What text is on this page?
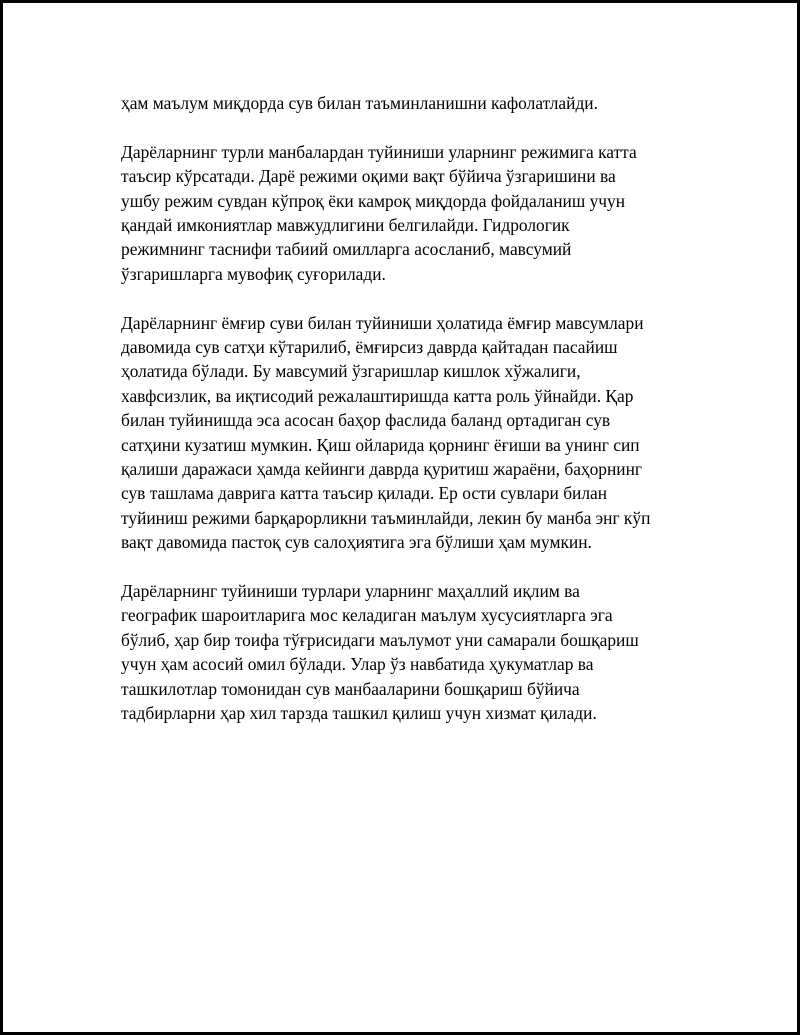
ҳам маълум миқдорда сув билан таъминланишни кафолатлайди.

Дарёларнинг турли манбалардан туйиниши уларнинг режимига катта
таъсир кўрсатади. Дарё режими оқими вақт бўйича ўзгаришини ва
ушбу режим сувдан кўпроқ ёки камроқ миқдорда фойдаланиш учун
қандай имкониятлар мавжудлигини белгилайди. Гидрологик
режимнинг таснифи табиий омилларга асосланиб, мавсумий
ўзгаришларга мувофиқ суғорилади.

Дарёларнинг ёмғир суви билан туйиниши ҳолатида ёмғир мавсумлари
давомида сув сатҳи кўтарилиб, ёмғирсиз даврда қайтадан пасайиш
ҳолатида бўлади. Бу мавсумий ўзгаришлар кишлок хўжалиги,
хавфсизлик, ва иқтисодий режалаштиришда катта роль ўйнайди. Қар
билан туйинишда эса асосан баҳор фаслида баланд ортадиган сув
сатҳини кузатиш мумкин. Қиш ойларида қорнинг ёғиши ва унинг сип
қалиши даражаси ҳамда кейинги даврда қуритиш жараёни, баҳорнинг
сув ташлама даврига катта таъсир қилади. Ер ости сувлари билан
туйиниш режими барқарорликни таъминлайди, лекин бу манба энг кўп
вақт давомида пастоқ сув салоҳиятига эга бўлиши ҳам мумкин.

Дарёларнинг туйиниши турлари уларнинг маҳаллий иқлим ва
географик шароитларига мос келадиган маълум хусусиятларга эга
бўлиб, ҳар бир тоифа тўғрисидаги маълумот уни самарали бошқариш
учун ҳам асосий омил бўлади. Улар ўз навбатида ҳукуматлар ва
ташкилотлар томонидан сув манбааларини бошқариш бўйича
тадбирларни ҳар хил тарзда ташкил қилиш учун хизмат қилади.
